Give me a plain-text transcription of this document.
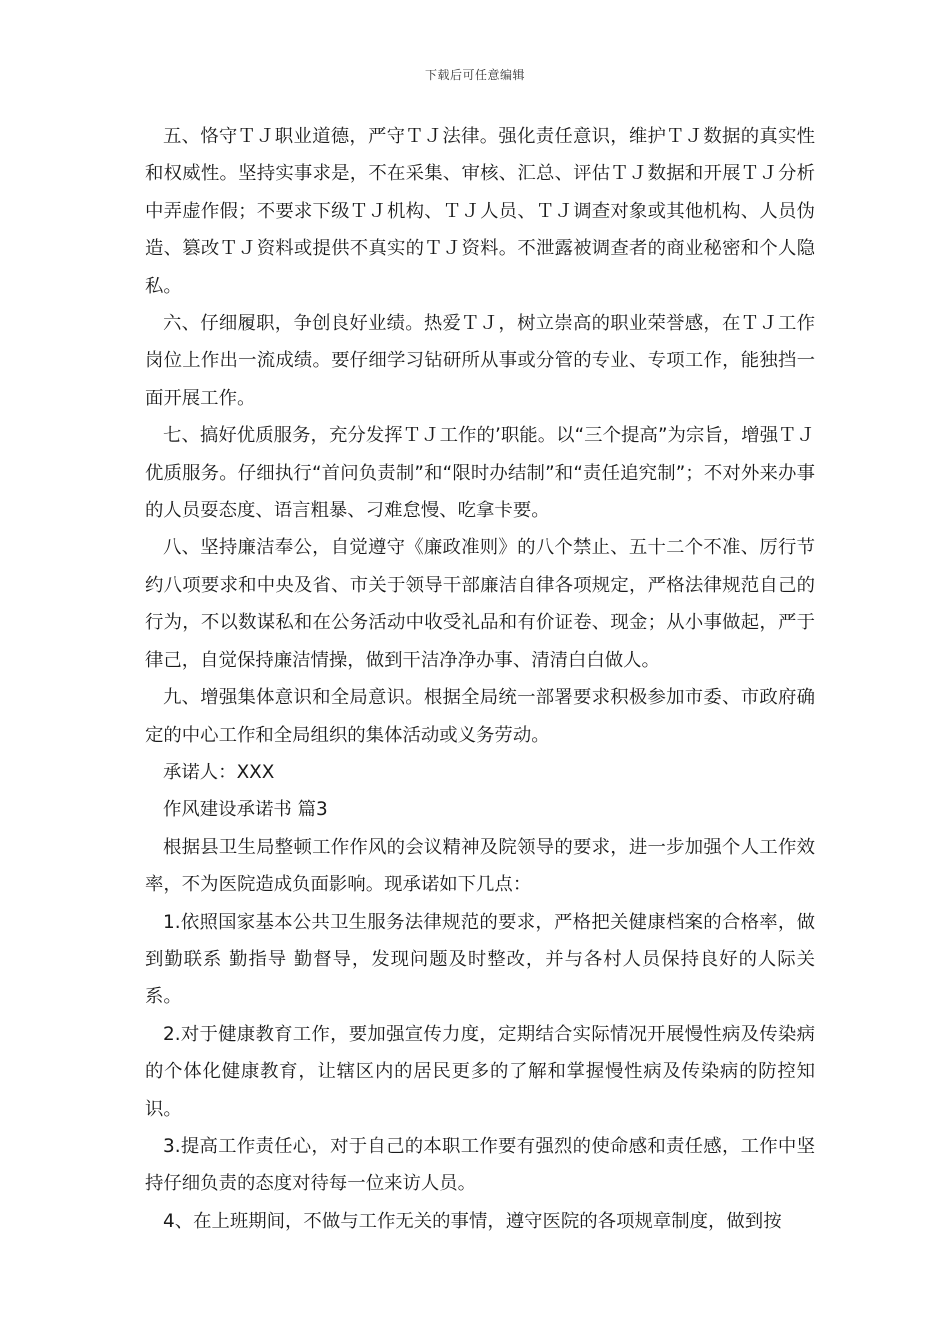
下载后可任意编辑

五、恪守ＴＪ职业道德，严守ＴＪ法律。强化责任意识，维护ＴＪ数据的真实性和权威性。坚持实事求是，不在采集、审核、汇总、评估ＴＪ数据和开展ＴＪ分析中弄虚作假；不要求下级ＴＪ机构、ＴＪ人员、ＴＪ调查对象或其他机构、人员伪造、篡改ＴＪ资料或提供不真实的ＴＪ资料。不泄露被调查者的商业秘密和个人隐私。

六、仔细履职，争创良好业绩。热爱ＴＪ，树立崇高的职业荣誉感，在ＴＪ工作岗位上作出一流成绩。要仔细学习钻研所从事或分管的专业、专项工作，能独挡一面开展工作。

七、搞好优质服务，充分发挥ＴＪ工作的’职能。以“三个提高”为宗旨，增强ＴＪ优质服务。仔细执行“首问负责制”和“限时办结制”和“责任追究制”；不对外来办事的人员耍态度、语言粗暴、刁难怠慢、吃拿卡要。

八、坚持廉洁奉公，自觉遵守《廉政准则》的八个禁止、五十二个不准、厉行节约八项要求和中央及省、市关于领导干部廉洁自律各项规定，严格法律规范自己的行为，不以数谋私和在公务活动中收受礼品和有价证卷、现金；从小事做起，严于律己，自觉保持廉洁情操，做到干洁净净办事、清清白白做人。

九、增强集体意识和全局意识。根据全局统一部署要求积极参加市委、市政府确定的中心工作和全局组织的集体活动或义务劳动。

承诺人：XXX

作风建设承诺书 篇3

根据县卫生局整顿工作作风的会议精神及院领导的要求，进一步加强个人工作效率，不为医院造成负面影响。现承诺如下几点：

1.依照国家基本公共卫生服务法律规范的要求，严格把关健康档案的合格率，做到勤联系 勤指导 勤督导，发现问题及时整改，并与各村人员保持良好的人际关系。

2.对于健康教育工作，要加强宣传力度，定期结合实际情况开展慢性病及传染病的个体化健康教育，让辖区内的居民更多的了解和掌握慢性病及传染病的防控知识。

3.提高工作责任心，对于自己的本职工作要有强烈的使命感和责任感，工作中坚持仔细负责的态度对待每一位来访人员。

4、在上班期间，不做与工作无关的事情，遵守医院的各项规章制度，做到按
